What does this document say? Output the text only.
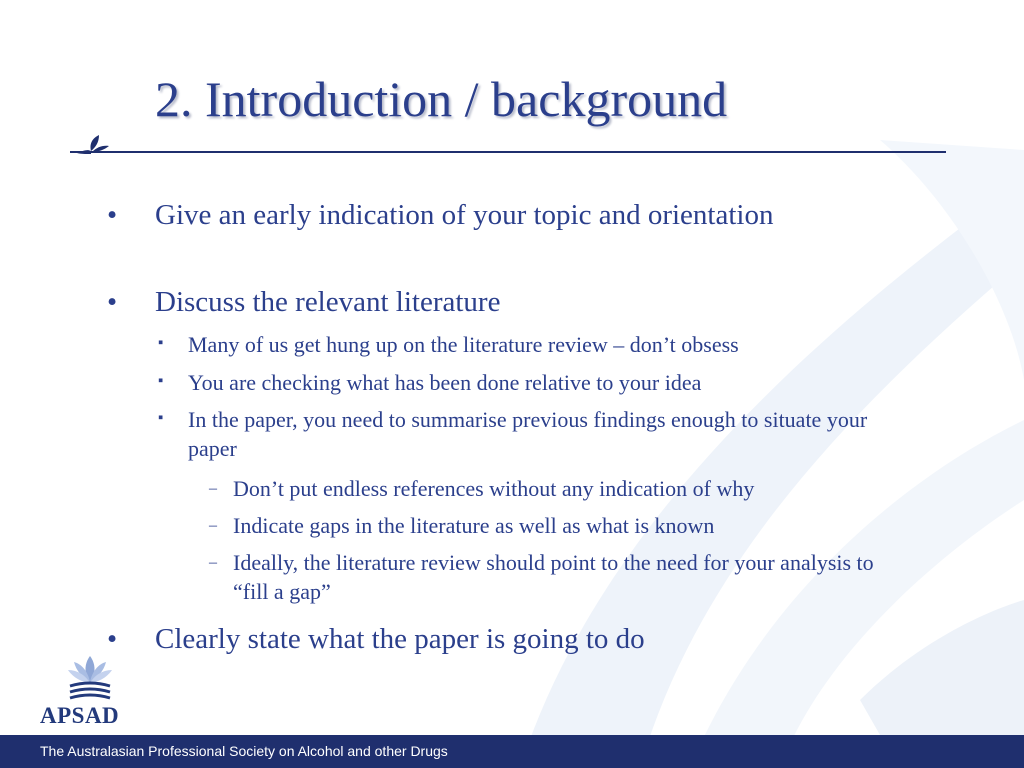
2. Introduction / background
• Give an early indication of your topic and orientation
• Discuss the relevant literature
▪ Many of us get hung up on the literature review – don’t obsess
▪ You are checking what has been done relative to your idea
▪ In the paper, you need to summarise previous findings enough to situate your paper
– Don’t put endless references without any indication of why
– Indicate gaps in the literature as well as what is known
– Ideally, the literature review should point to the need for your analysis to “fill a gap”
• Clearly state what the paper is going to do
APSAD
The Australasian Professional Society on Alcohol and other Drugs
